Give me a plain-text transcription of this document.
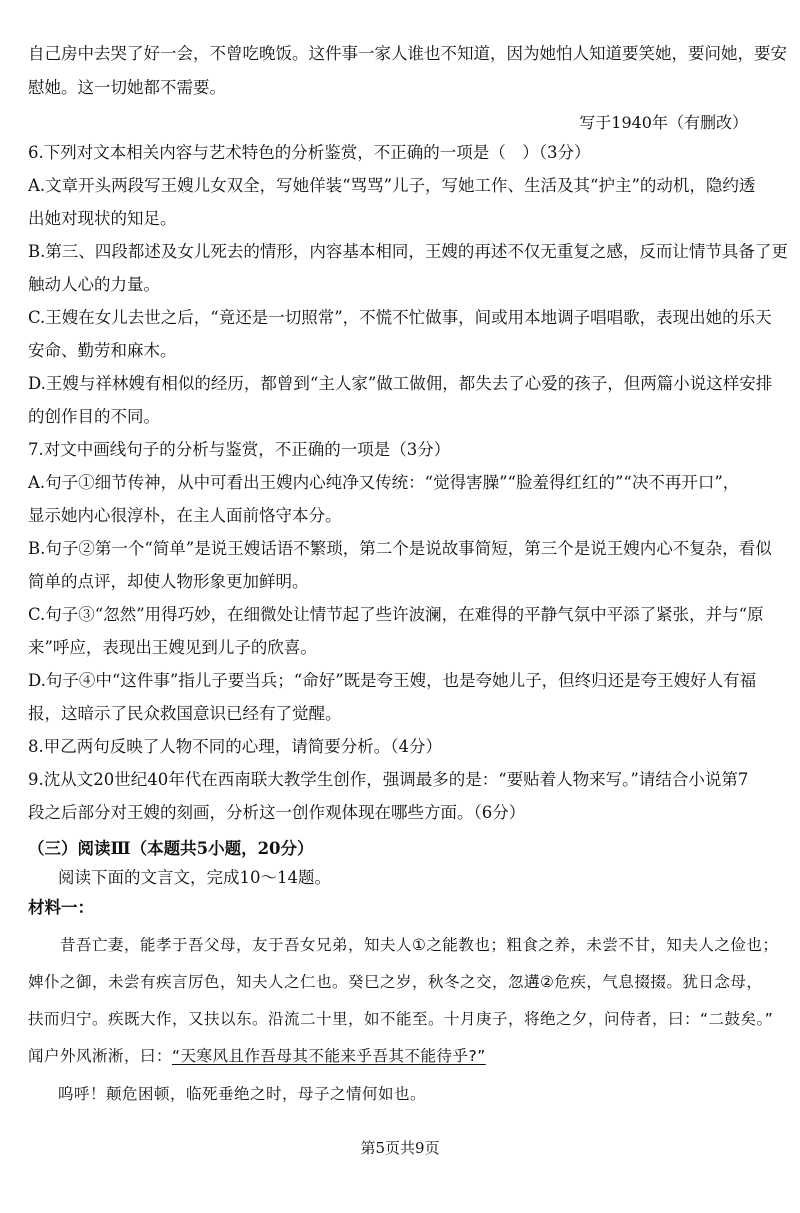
自己房中去哭了好一会，不曾吃晚饭。这件事一家人谁也不知道，因为她怕人知道要笑她，要问她，要安
慰她。这一切她都不需要。
写于1940年（有删改）
6.下列对文本相关内容与艺术特色的分析鉴赏，不正确的一项是（　）（3分）
A.文章开头两段写王嫂儿女双全，写她佯装“骂骂”儿子，写她工作、生活及其“护主”的动机，隐约透
出她对现状的知足。
B.第三、四段都述及女儿死去的情形，内容基本相同，王嫂的再述不仅无重复之感，反而让情节具备了更
触动人心的力量。
C.王嫂在女儿去世之后，“竟还是一切照常”，不慌不忙做事，间或用本地调子唱唱歌，表现出她的乐天
安命、勤劳和麻木。
D.王嫂与祥林嫂有相似的经历，都曾到“主人家”做工做佣，都失去了心爱的孩子，但两篇小说这样安排
的创作目的不同。
7.对文中画线句子的分析与鉴赏，不正确的一项是（3分）
A.句子①细节传神，从中可看出王嫂内心纯净又传统：“觉得害臊”“脸羞得红红的”“决不再开口”，
显示她内心很淳朴，在主人面前恪守本分。
B.句子②第一个“简单”是说王嫂话语不繁琐，第二个是说故事简短，第三个是说王嫂内心不复杂，看似
简单的点评，却使人物形象更加鲜明。
C.句子③“忽然”用得巧妙，在细微处让情节起了些许波澜，在难得的平静气氛中平添了紧张，并与“原
来”呼应，表现出王嫂见到儿子的欣喜。
D.句子④中“这件事”指儿子要当兵；“命好”既是夸王嫂，也是夸她儿子，但终归还是夸王嫂好人有福
报，这暗示了民众救国意识已经有了觉醒。
8.甲乙两句反映了人物不同的心理，请简要分析。（4分）
9.沈从文20世纪40年代在西南联大教学生创作，强调最多的是：“要贴着人物来写。”请结合小说第7
段之后部分对王嫂的刻画，分析这一创作观体现在哪些方面。（6分）
（三）阅读Ⅲ（本题共5小题，20分）
阅读下面的文言文，完成10～14题。
材料一：
昔吾亡妻，能孝于吾父母，友于吾女兄弟，知夫人①之能教也；粗食之养，未尝不甘，知夫人之俭也；
婢仆之御，未尝有疾言厉色，知夫人之仁也。癸巳之岁，秋冬之交，忽遘②危疾，气息掇掇。犹日念母，
扶而归宁。疾既大作，又扶以东。沿流二十里，如不能至。十月庚子，将绝之夕，问侍者，曰：“二鼓矣。”
闻户外风淅淅，曰：“天寒风且作吾母其不能来乎吾其不能待乎?”
呜呼！颠危困顿，临死垂绝之时，母子之情何如也。
第5页共9页
